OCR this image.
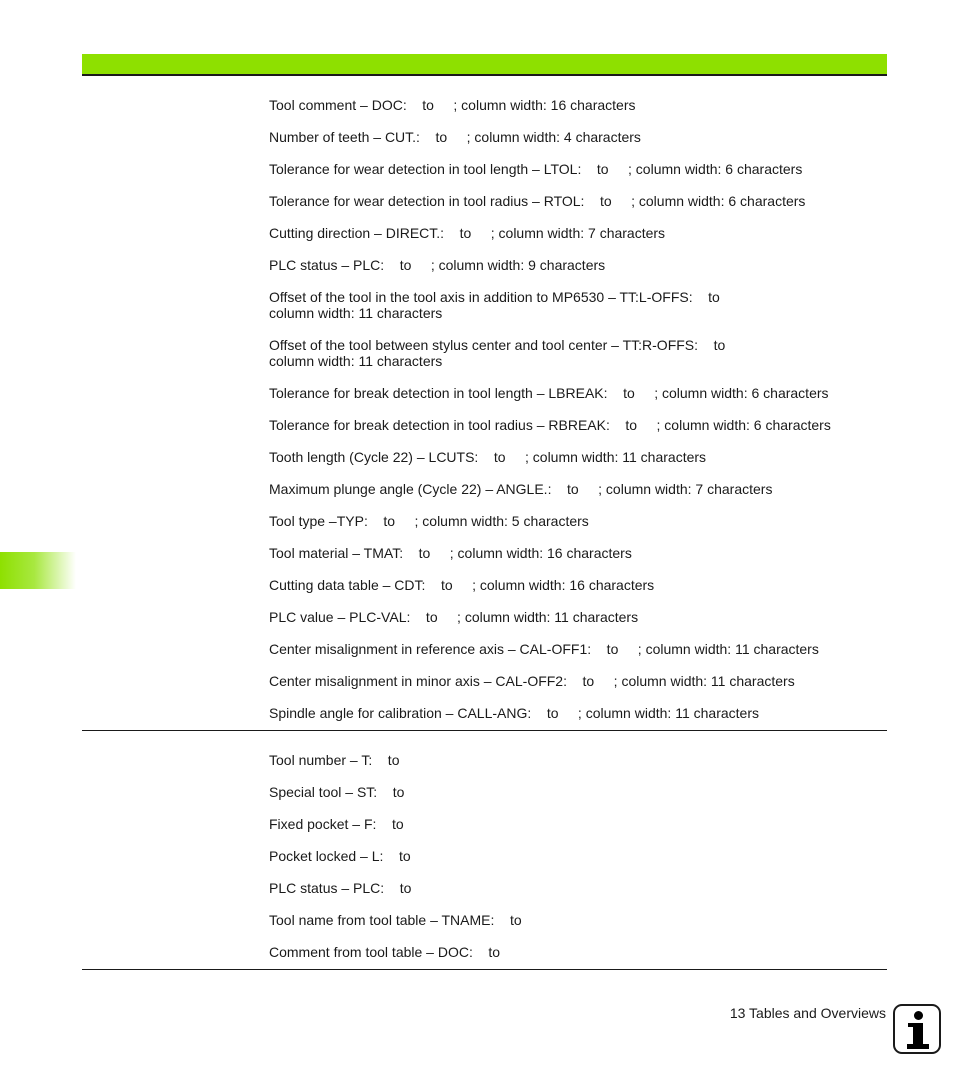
Tool comment – DOC:    to     ; column width: 16 characters
Number of teeth – CUT.:    to     ; column width: 4 characters
Tolerance for wear detection in tool length – LTOL:    to     ; column width: 6 characters
Tolerance for wear detection in tool radius – RTOL:    to     ; column width: 6 characters
Cutting direction – DIRECT.:    to     ; column width: 7 characters
PLC status – PLC:    to     ; column width: 9 characters
Offset of the tool in the tool axis in addition to MP6530 – TT:L-OFFS:    to
column width: 11 characters
Offset of the tool between stylus center and tool center – TT:R-OFFS:    to
column width: 11 characters
Tolerance for break detection in tool length – LBREAK:    to     ; column width: 6 characters
Tolerance for break detection in tool radius – RBREAK:    to     ; column width: 6 characters
Tooth length (Cycle 22) – LCUTS:    to     ; column width: 11 characters
Maximum plunge angle (Cycle 22) – ANGLE.:    to     ; column width: 7 characters
Tool type –TYP:    to     ; column width: 5 characters
Tool material – TMAT:    to     ; column width: 16 characters
Cutting data table – CDT:    to     ; column width: 16 characters
PLC value – PLC-VAL:    to     ; column width: 11 characters
Center misalignment in reference axis – CAL-OFF1:    to     ; column width: 11 characters
Center misalignment in minor axis – CAL-OFF2:    to     ; column width: 11 characters
Spindle angle for calibration – CALL-ANG:    to     ; column width: 11 characters
Tool number – T:    to
Special tool – ST:    to
Fixed pocket – F:    to
Pocket locked – L:    to
PLC status – PLC:    to
Tool name from tool table – TNAME:    to
Comment from tool table – DOC:    to
13 Tables and Overviews
